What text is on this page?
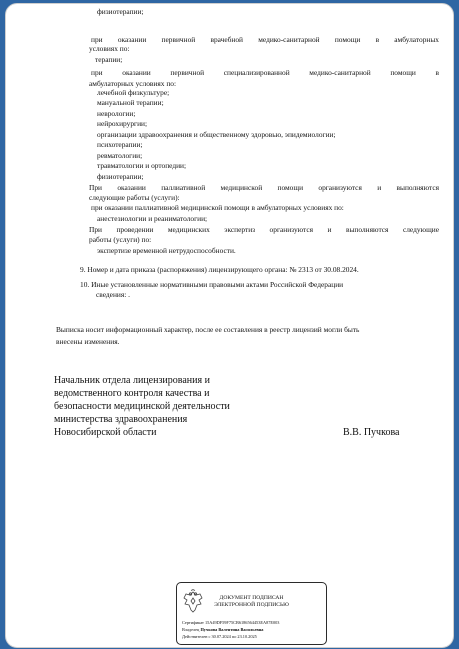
физиотерапии;
при оказании первичной врачебной медико-санитарной помощи в амбулаторных
условиях по:
терапии;
при оказании первичной специализированной медико-санитарной помощи в
амбулаторных условиях по:
лечебной физкультуре;
мануальной терапии;
неврологии;
нейрохирургии;
организации здравоохранения и общественному здоровью, эпидемиологии;
психотерапии;
ревматологии;
травматологии и ортопедии;
физиотерапии;
При оказании паллиативной медицинской помощи организуются и выполняются
следующие работы (услуги):
при оказании паллиативной медицинской помощи в амбулаторных условиях по:
анестезиологии и реаниматологии;
При проведении медицинских экспертиз организуются и выполняются следующие
работы (услуги) по:
экспертизе временной нетрудоспособности.
9. Номер и дата приказа (распоряжения) лицензирующего органа: № 2313 от 30.08.2024.
10. Иные установленные нормативными правовыми актами Российской Федерации
сведения: .
Выписка носит информационный характер, после ее составления в реестр лицензий могли быть
внесены изменения.
Начальник отдела лицензирования и
ведомственного контроля качества и
безопасности медицинской деятельности
министерства здравоохранения
Новосибирской области	В.В. Пучкова
ДОКУМЕНТ ПОДПИСАН
ЭЛЕКТРОННОЙ ПОДПИСЬЮ
Сертификат 15A49DF59F75CB6186564453EA87E003
Владелец Пучкова Валентина Васильевна
Действителен с 30.07.2024 по 23.10.2025
